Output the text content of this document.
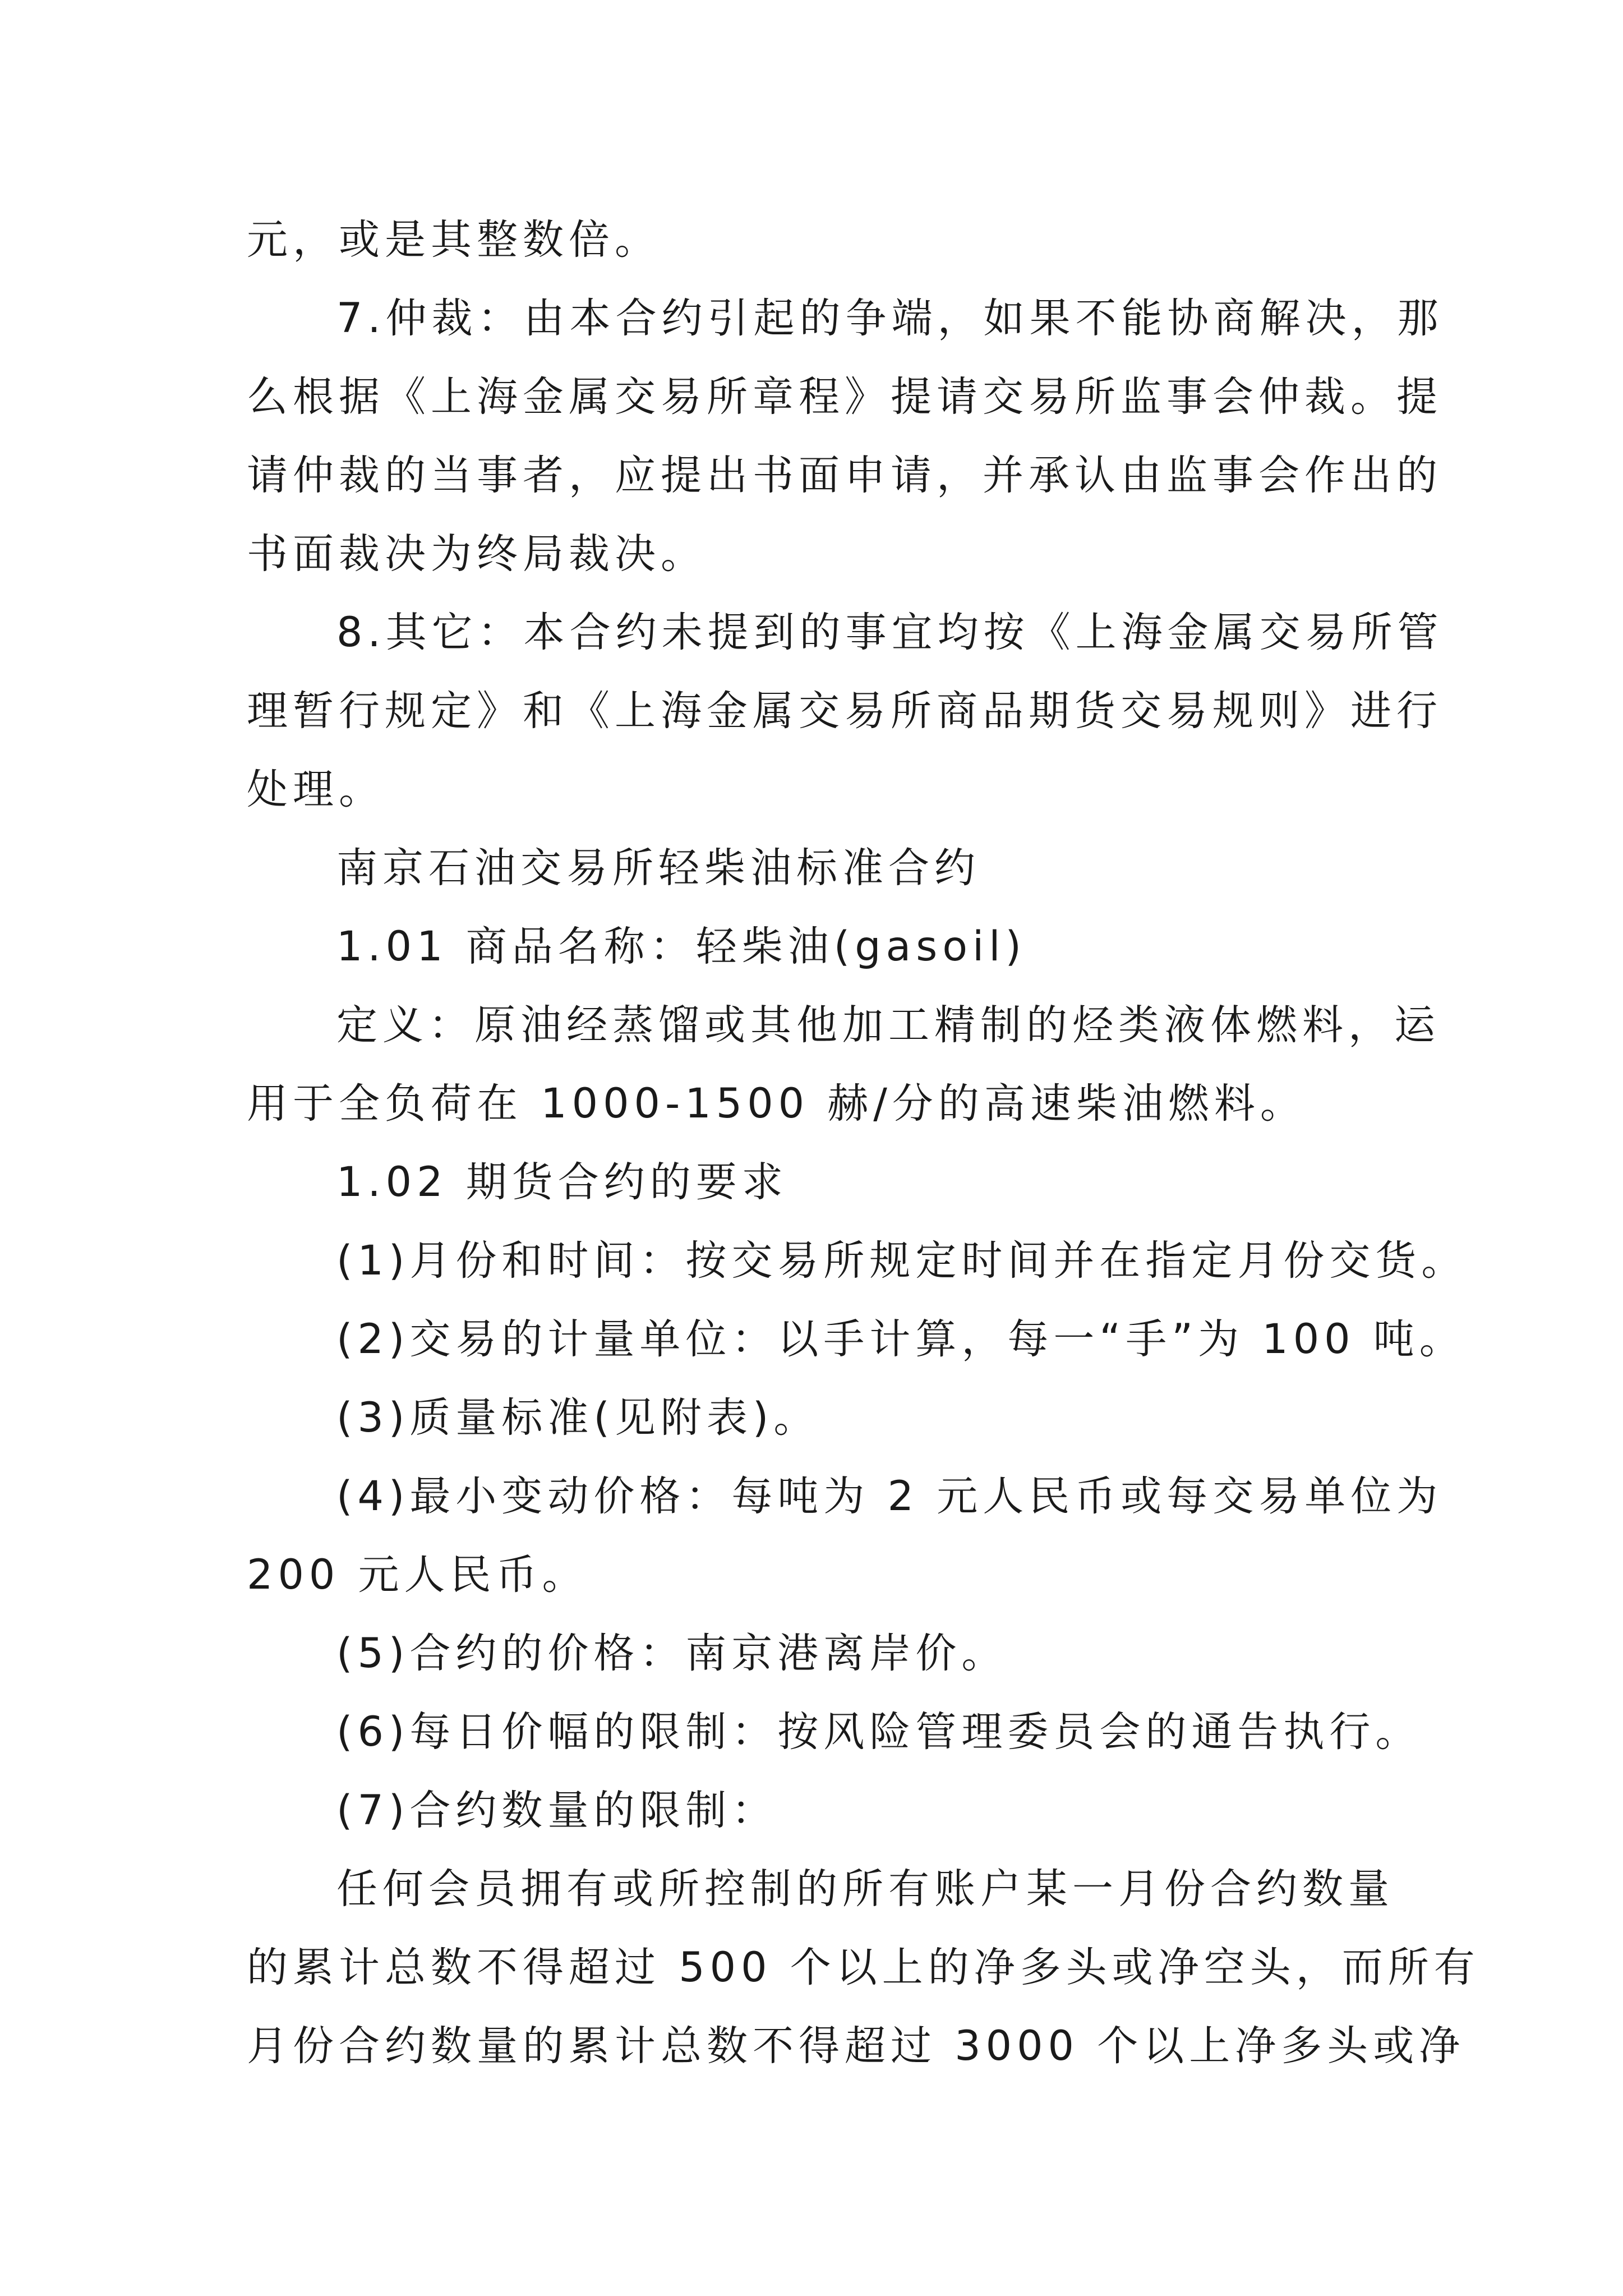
元，或是其整数倍。
7.仲裁：由本合约引起的争端，如果不能协商解决，那
么根据《上海金属交易所章程》提请交易所监事会仲裁。提
请仲裁的当事者，应提出书面申请，并承认由监事会作出的
书面裁决为终局裁决。
8.其它：本合约未提到的事宜均按《上海金属交易所管
理暂行规定》和《上海金属交易所商品期货交易规则》进行
处理。
南京石油交易所轻柴油标准合约
1.01 商品名称：轻柴油(gasoil)
定义：原油经蒸馏或其他加工精制的烃类液体燃料，运
用于全负荷在 1000-1500 赫/分的高速柴油燃料。
1.02 期货合约的要求
(1)月份和时间：按交易所规定时间并在指定月份交货。
(2)交易的计量单位：以手计算，每一“手”为 100 吨。
(3)质量标准(见附表)。
(4)最小变动价格：每吨为 2 元人民币或每交易单位为
200 元人民币。
(5)合约的价格：南京港离岸价。
(6)每日价幅的限制：按风险管理委员会的通告执行。
(7)合约数量的限制：
任何会员拥有或所控制的所有账户某一月份合约数量
的累计总数不得超过 500 个以上的净多头或净空头，而所有
月份合约数量的累计总数不得超过 3000 个以上净多头或净
